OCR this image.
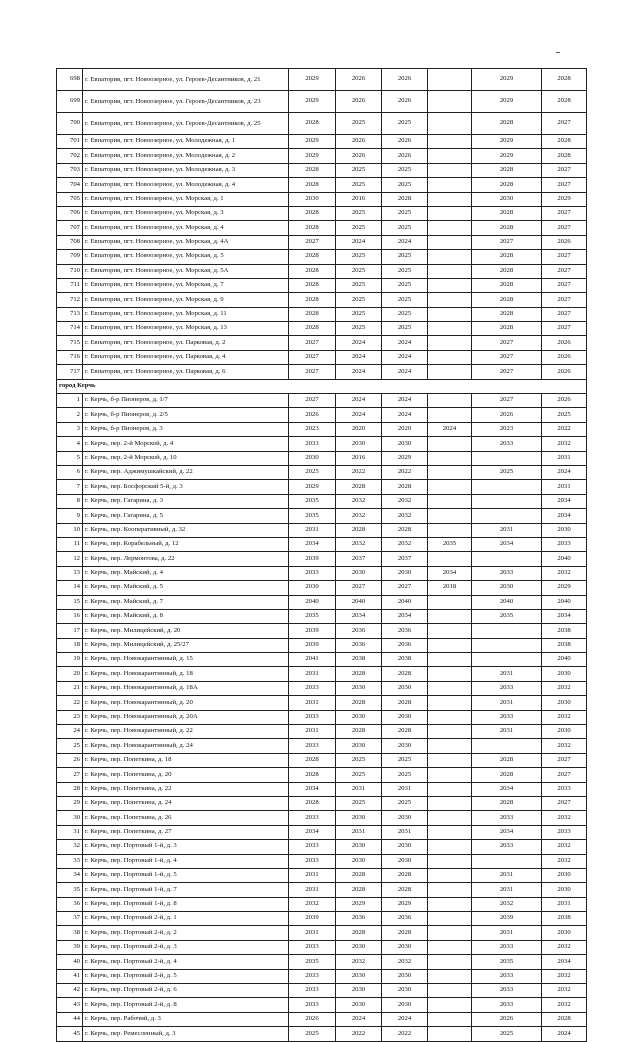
698	г. Евпатория, пгт. Новоозерное, ул. Героев-Десантников, д. 21	2029	2026	2026		2029	2028
699	г. Евпатория, пгт. Новоозерное, ул. Героев-Десантников, д. 23	2029	2026	2026		2029	2028
700	г. Евпатория, пгт. Новоозерное, ул. Героев-Десантников, д. 25	2028	2025	2025		2028	2027
701	г. Евпатория, пгт. Новоозерное, ул. Молодежная, д. 1	2029	2026	2026		2029	2028
702	г. Евпатория, пгт. Новоозерное, ул. Молодежная, д. 2	2029	2026	2026		2029	2028
703	г. Евпатория, пгт. Новоозерное, ул. Молодежная, д. 3	2028	2025	2025		2028	2027
704	г. Евпатория, пгт. Новоозерное, ул. Молодежная, д. 4	2028	2025	2025		2028	2027
705	г. Евпатория, пгт. Новоозерное, ул. Морская, д. 1	2030	2016	2028		2030	2029
706	г. Евпатория, пгт. Новоозерное, ул. Морская, д. 3	2028	2025	2025		2028	2027
707	г. Евпатория, пгт. Новоозерное, ул. Морская, д. 4	2028	2025	2025		2028	2027
708	г. Евпатория, пгт. Новоозерное, ул. Морская, д. 4А	2027	2024	2024		2027	2026
709	г. Евпатория, пгт. Новоозерное, ул. Морская, д. 5	2028	2025	2025		2028	2027
710	г. Евпатория, пгт. Новоозерное, ул. Морская, д. 5А	2028	2025	2025		2028	2027
711	г. Евпатория, пгт. Новоозерное, ул. Морская, д. 7	2028	2025	2025		2028	2027
712	г. Евпатория, пгт. Новоозерное, ул. Морская, д. 9	2028	2025	2025		2028	2027
713	г. Евпатория, пгт. Новоозерное, ул. Морская, д. 11	2028	2025	2025		2028	2027
714	г. Евпатория, пгт. Новоозерное, ул. Морская, д. 13	2028	2025	2025		2028	2027
715	г. Евпатория, пгт. Новоозерное, ул. Парковая, д. 2	2027	2024	2024		2027	2026
716	г. Евпатория, пгт. Новоозерное, ул. Парковая, д. 4	2027	2024	2024		2027	2026
717	г. Евпатория, пгт. Новоозерное, ул. Парковая, д. 6	2027	2024	2024		2027	2026
город Керчь							
1	г. Керчь, б-р Пионеров, д. 1/7	2027	2024	2024		2027	2026
2	г. Керчь, б-р Пионеров, д. 2/5	2026	2024	2024		2026	2025
3	г. Керчь, б-р Пионеров, д. 3	2023	2020	2020	2024	2023	2022
4	г. Керчь, пер. 2-й Морской, д. 4	2033	2030	2030		2033	2032
5	г. Керчь, пер. 2-й Морской, д. 10	2030	2016	2029			2031
6	г. Керчь, пер. Аджимушкайский, д. 22	2025	2022	2022		2025	2024
7	г. Керчь, пер. Босфорский 5-й, д. 3	2029	2028	2028			2031
8	г. Керчь, пер. Гагарина, д. 3	2035	2032	2032			2034
9	г. Керчь, пер. Гагарина, д. 5	2035	2032	2032			2034
10	г. Керчь, пер. Кооперативный, д. 32	2031	2028	2028		2031	2030
11	г. Керчь, пер. Корабельный, д. 12	2034	2032	2032	2035	2034	2033
12	г. Керчь, пер. Лермонтова, д. 22	2039	2037	2037			2040
13	г. Керчь, пер. Майский, д. 4	2033	2030	2030	2034	2033	2032
14	г. Керчь, пер. Майский, д. 5	2030	2027	2027	2018	2030	2029
15	г. Керчь, пер. Майский, д. 7	2040	2040	2040		2040	2040
16	г. Керчь, пер. Майский, д. 8	2035	2034	2034		2035	2034
17	г. Керчь, пер. Милицейский, д. 20	2039	2036	2036			2038
18	г. Керчь, пер. Милицейский, д. 25/27	2039	2036	2036			2038
19	г. Керчь, пер. Новокарантинный, д. 15	2041	2038	2038			2040
20	г. Керчь, пер. Новокарантинный, д. 18	2031	2028	2028		2031	2030
21	г. Керчь, пер. Новокарантинный, д. 18А	2033	2030	2030		2033	2032
22	г. Керчь, пер. Новокарантинный, д. 20	2031	2028	2028		2031	2030
23	г. Керчь, пер. Новокарантинный, д. 20А	2033	2030	2030		2033	2032
24	г. Керчь, пер. Новокарантинный, д. 22	2031	2028	2028		2031	2030
25	г. Керчь, пер. Новокарантинный, д. 24	2033	2030	2030			2032
26	г. Керчь, пер. Попеткина, д. 18	2028	2025	2025		2028	2027
27	г. Керчь, пер. Попеткина, д. 20	2028	2025	2025		2028	2027
28	г. Керчь, пер. Попеткина, д. 22	2034	2031	2031		2034	2033
29	г. Керчь, пер. Попеткина, д. 24	2028	2025	2025		2028	2027
30	г. Керчь, пер. Попеткина, д. 26	2033	2030	2030		2033	2032
31	г. Керчь, пер. Попеткина, д. 27	2034	2031	2031		2034	2033
32	г. Керчь, пер. Портовый 1-й, д. 3	2033	2030	2030		2033	2032
33	г. Керчь, пер. Портовый 1-й, д. 4	2033	2030	2030			2032
34	г. Керчь, пер. Портовый 1-й, д. 5	2031	2028	2028		2031	2030
35	г. Керчь, пер. Портовый 1-й, д. 7	2031	2028	2028		2031	2030
36	г. Керчь, пер. Портовый 1-й, д. 8	2032	2029	2029		2032	2031
37	г. Керчь, пер. Портовый 2-й, д. 1	2039	2036	2036		2039	2038
38	г. Керчь, пер. Портовый 2-й, д. 2	2031	2028	2028		2031	2030
39	г. Керчь, пер. Портовый 2-й, д. 3	2033	2030	2030		2033	2032
40	г. Керчь, пер. Портовый 2-й, д. 4	2035	2032	2032		2035	2034
41	г. Керчь, пер. Портовый 2-й, д. 5	2033	2030	2030		2033	2032
42	г. Керчь, пер. Портовый 2-й, д. 6	2033	2030	2030		2033	2032
43	г. Керчь, пер. Портовый 2-й, д. 8	2033	2030	2030		2033	2032
44	г. Керчь, пер. Рабочий, д. 3	2026	2024	2024		2026	2028
45	г. Керчь, пер. Ремесленный, д. 3	2025	2022	2022		2025	2024
